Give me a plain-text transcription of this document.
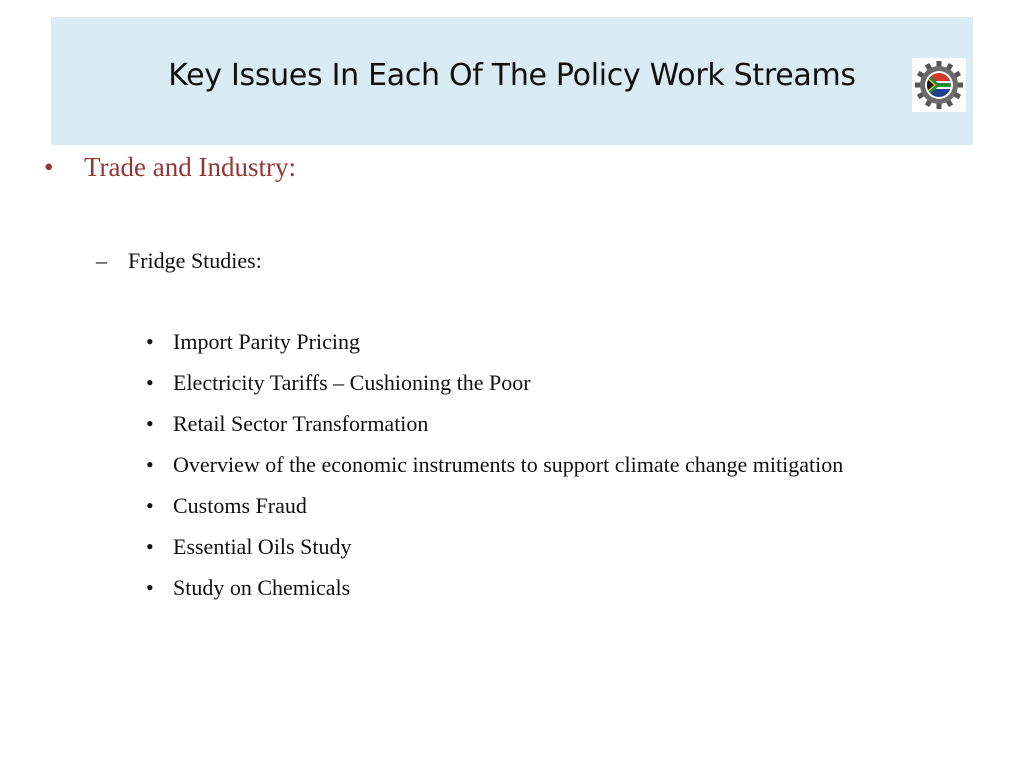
Key Issues In Each Of The Policy Work Streams
• Trade and Industry:
– Fridge Studies:
• Import Parity Pricing
• Electricity Tariffs – Cushioning the Poor
• Retail Sector Transformation
• Overview of the economic instruments to support climate change mitigation
• Customs Fraud
• Essential Oils Study
• Study on Chemicals
